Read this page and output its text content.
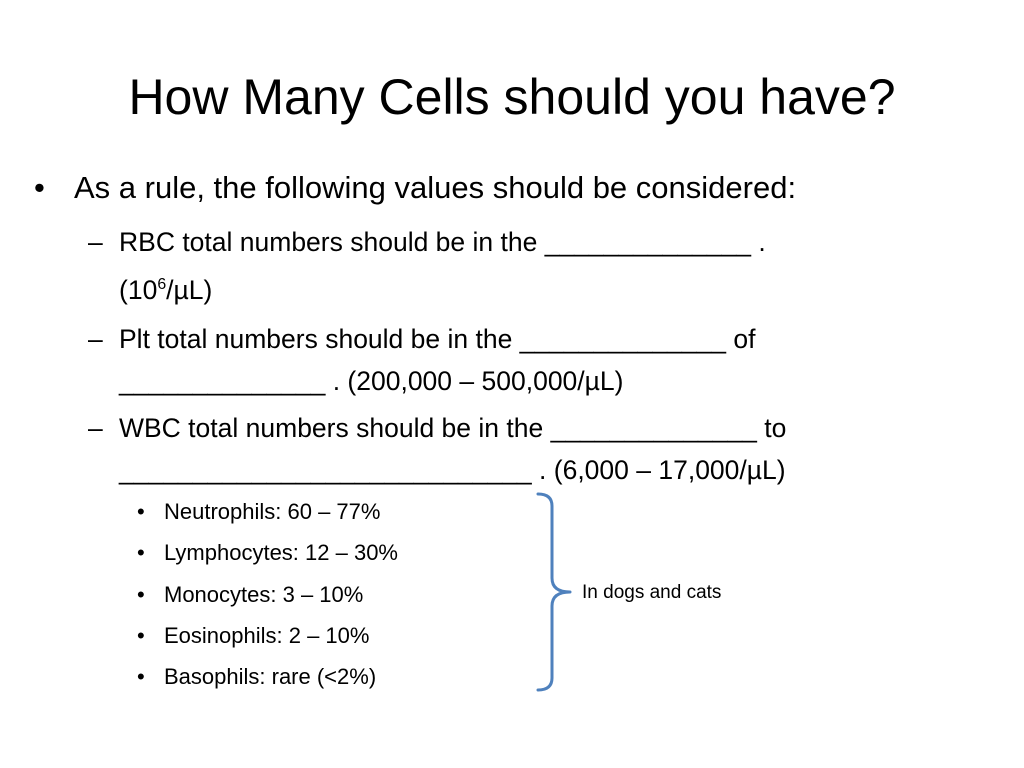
How Many Cells should you have?
• As a rule, the following values should be considered:
– RBC total numbers should be in the ______________ .
$(10^6/\mu L)$
– Plt total numbers should be in the ______________ of
______________ . (200,000 – 500,000/µL)
– WBC total numbers should be in the ______________ to
____________________________ . (6,000 – 17,000/µL)
• Neutrophils: 60 – 77%
• Lymphocytes: 12 – 30%
• Monocytes: 3 – 10%
• Eosinophils: 2 – 10%
• Basophils: rare (<2%)
In dogs and cats
